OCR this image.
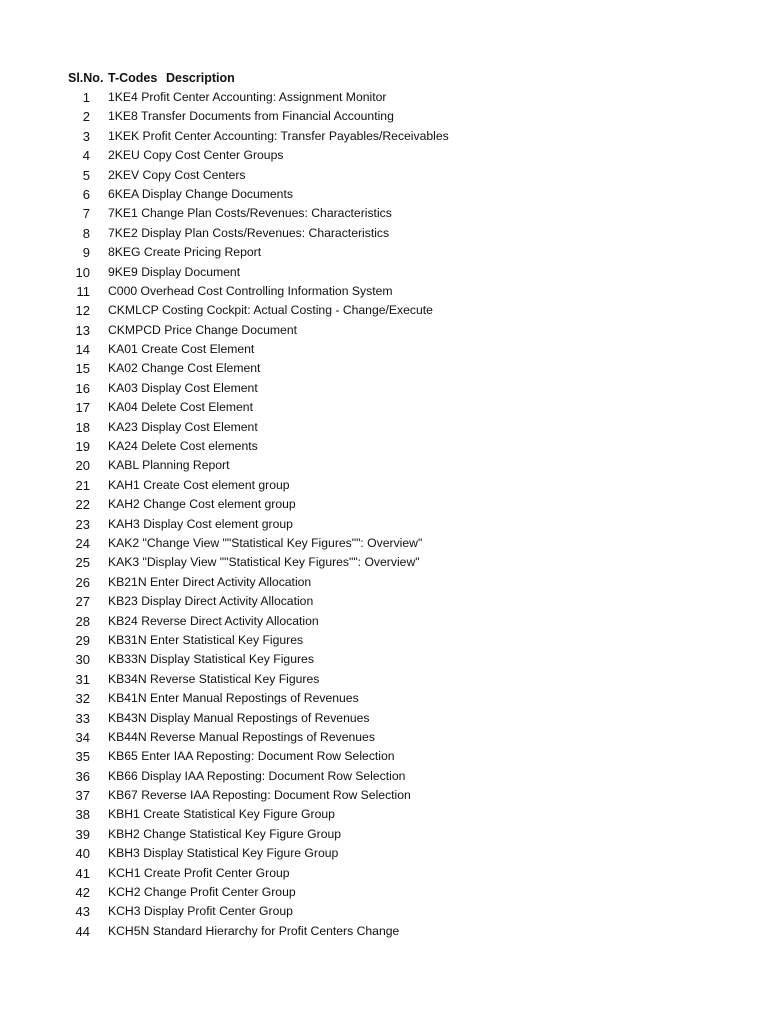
Sl.No. T-Codes Description
1 1KE4 Profit Center Accounting: Assignment Monitor
2 1KE8 Transfer Documents from Financial Accounting
3 1KEK Profit Center Accounting: Transfer Payables/Receivables
4 2KEU Copy Cost Center Groups
5 2KEV Copy Cost Centers
6 6KEA Display Change Documents
7 7KE1 Change Plan Costs/Revenues: Characteristics
8 7KE2 Display Plan Costs/Revenues: Characteristics
9 8KEG Create Pricing Report
10 9KE9 Display Document
11 C000 Overhead Cost Controlling Information System
12 CKMLCP Costing Cockpit: Actual Costing - Change/Execute
13 CKMPCD Price Change Document
14 KA01 Create Cost Element
15 KA02 Change Cost Element
16 KA03 Display Cost Element
17 KA04 Delete Cost Element
18 KA23 Display Cost Element
19 KA24 Delete Cost elements
20 KABL Planning Report
21 KAH1 Create Cost element group
22 KAH2 Change Cost element group
23 KAH3 Display Cost element group
24 KAK2 "Change View ""Statistical Key Figures"": Overview"
25 KAK3 "Display View ""Statistical Key Figures"": Overview"
26 KB21N Enter Direct Activity Allocation
27 KB23 Display Direct Activity Allocation
28 KB24 Reverse Direct Activity Allocation
29 KB31N Enter Statistical Key Figures
30 KB33N Display Statistical Key Figures
31 KB34N Reverse Statistical Key Figures
32 KB41N Enter Manual Repostings of Revenues
33 KB43N Display Manual Repostings of Revenues
34 KB44N Reverse Manual Repostings of Revenues
35 KB65 Enter IAA Reposting: Document Row Selection
36 KB66 Display IAA Reposting: Document Row Selection
37 KB67 Reverse IAA Reposting: Document Row Selection
38 KBH1 Create Statistical Key Figure Group
39 KBH2 Change Statistical Key Figure Group
40 KBH3 Display Statistical Key Figure Group
41 KCH1 Create Profit Center Group
42 KCH2 Change Profit Center Group
43 KCH3 Display Profit Center Group
44 KCH5N Standard Hierarchy for Profit Centers Change
